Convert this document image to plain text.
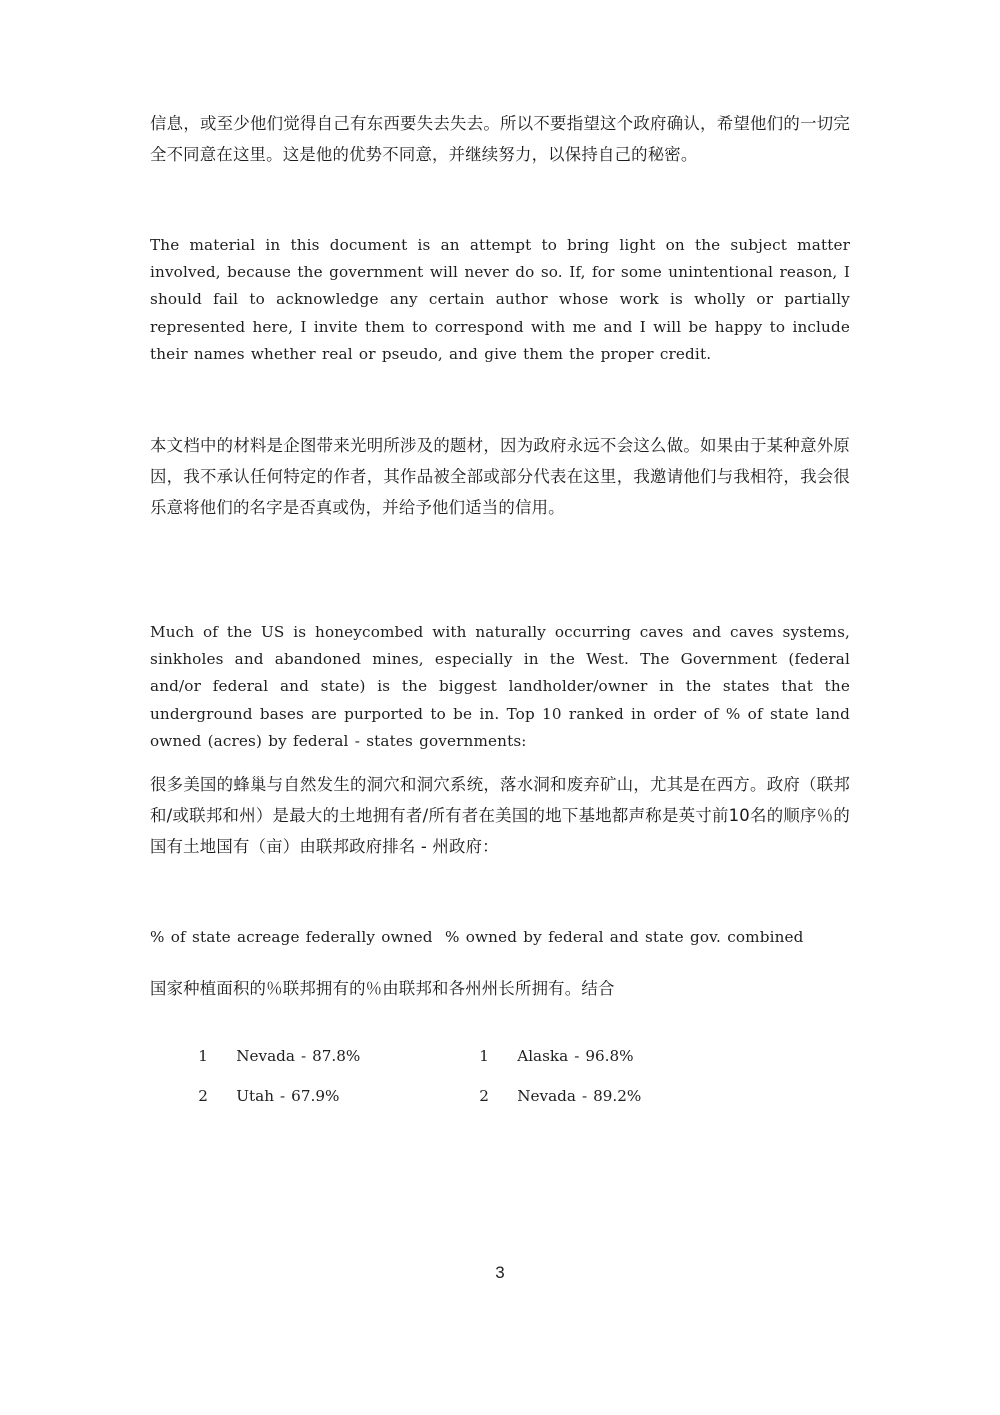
信息，或至少他们觉得自己有东西要失去失去。所以不要指望这个政府确认，希望他们的一切完全不同意在这里。这是他的优势不同意，并继续努力，以保持自己的秘密。

The material in this document is an attempt to bring light on the subject matter involved, because the government will never do so. If, for some unintentional reason, I should fail to acknowledge any certain author whose work is wholly or partially represented here, I invite them to correspond with me and I will be happy to include their names whether real or pseudo, and give them the proper credit.

本文档中的材料是企图带来光明所涉及的题材，因为政府永远不会这么做。如果由于某种意外原因，我不承认任何特定的作者，其作品被全部或部分代表在这里，我邀请他们与我相符，我会很乐意将他们的名字是否真或伪，并给予他们适当的信用。

Much of the US is honeycombed with naturally occurring caves and caves systems, sinkholes and abandoned mines, especially in the West. The Government (federal and/or federal and state) is the biggest landholder/owner in the states that the underground bases are purported to be in. Top 10 ranked in order of % of state land owned (acres) by federal - states governments:

很多美国的蜂巢与自然发生的洞穴和洞穴系统，落水洞和废弃矿山，尤其是在西方。政府（联邦和/或联邦和州）是最大的土地拥有者/所有者在美国的地下基地都声称是英寸前10名的顺序％的国有土地国有（亩）由联邦政府排名 - 州政府：

% of state acreage federally owned  % owned by federal and state gov. combined

国家种植面积的％联邦拥有的％由联邦和各州州长所拥有。结合

1 Nevada - 87.8%
	1 Alaska - 96.8%

2 Utah - 67.9%
	2 Nevada - 89.2%

3
